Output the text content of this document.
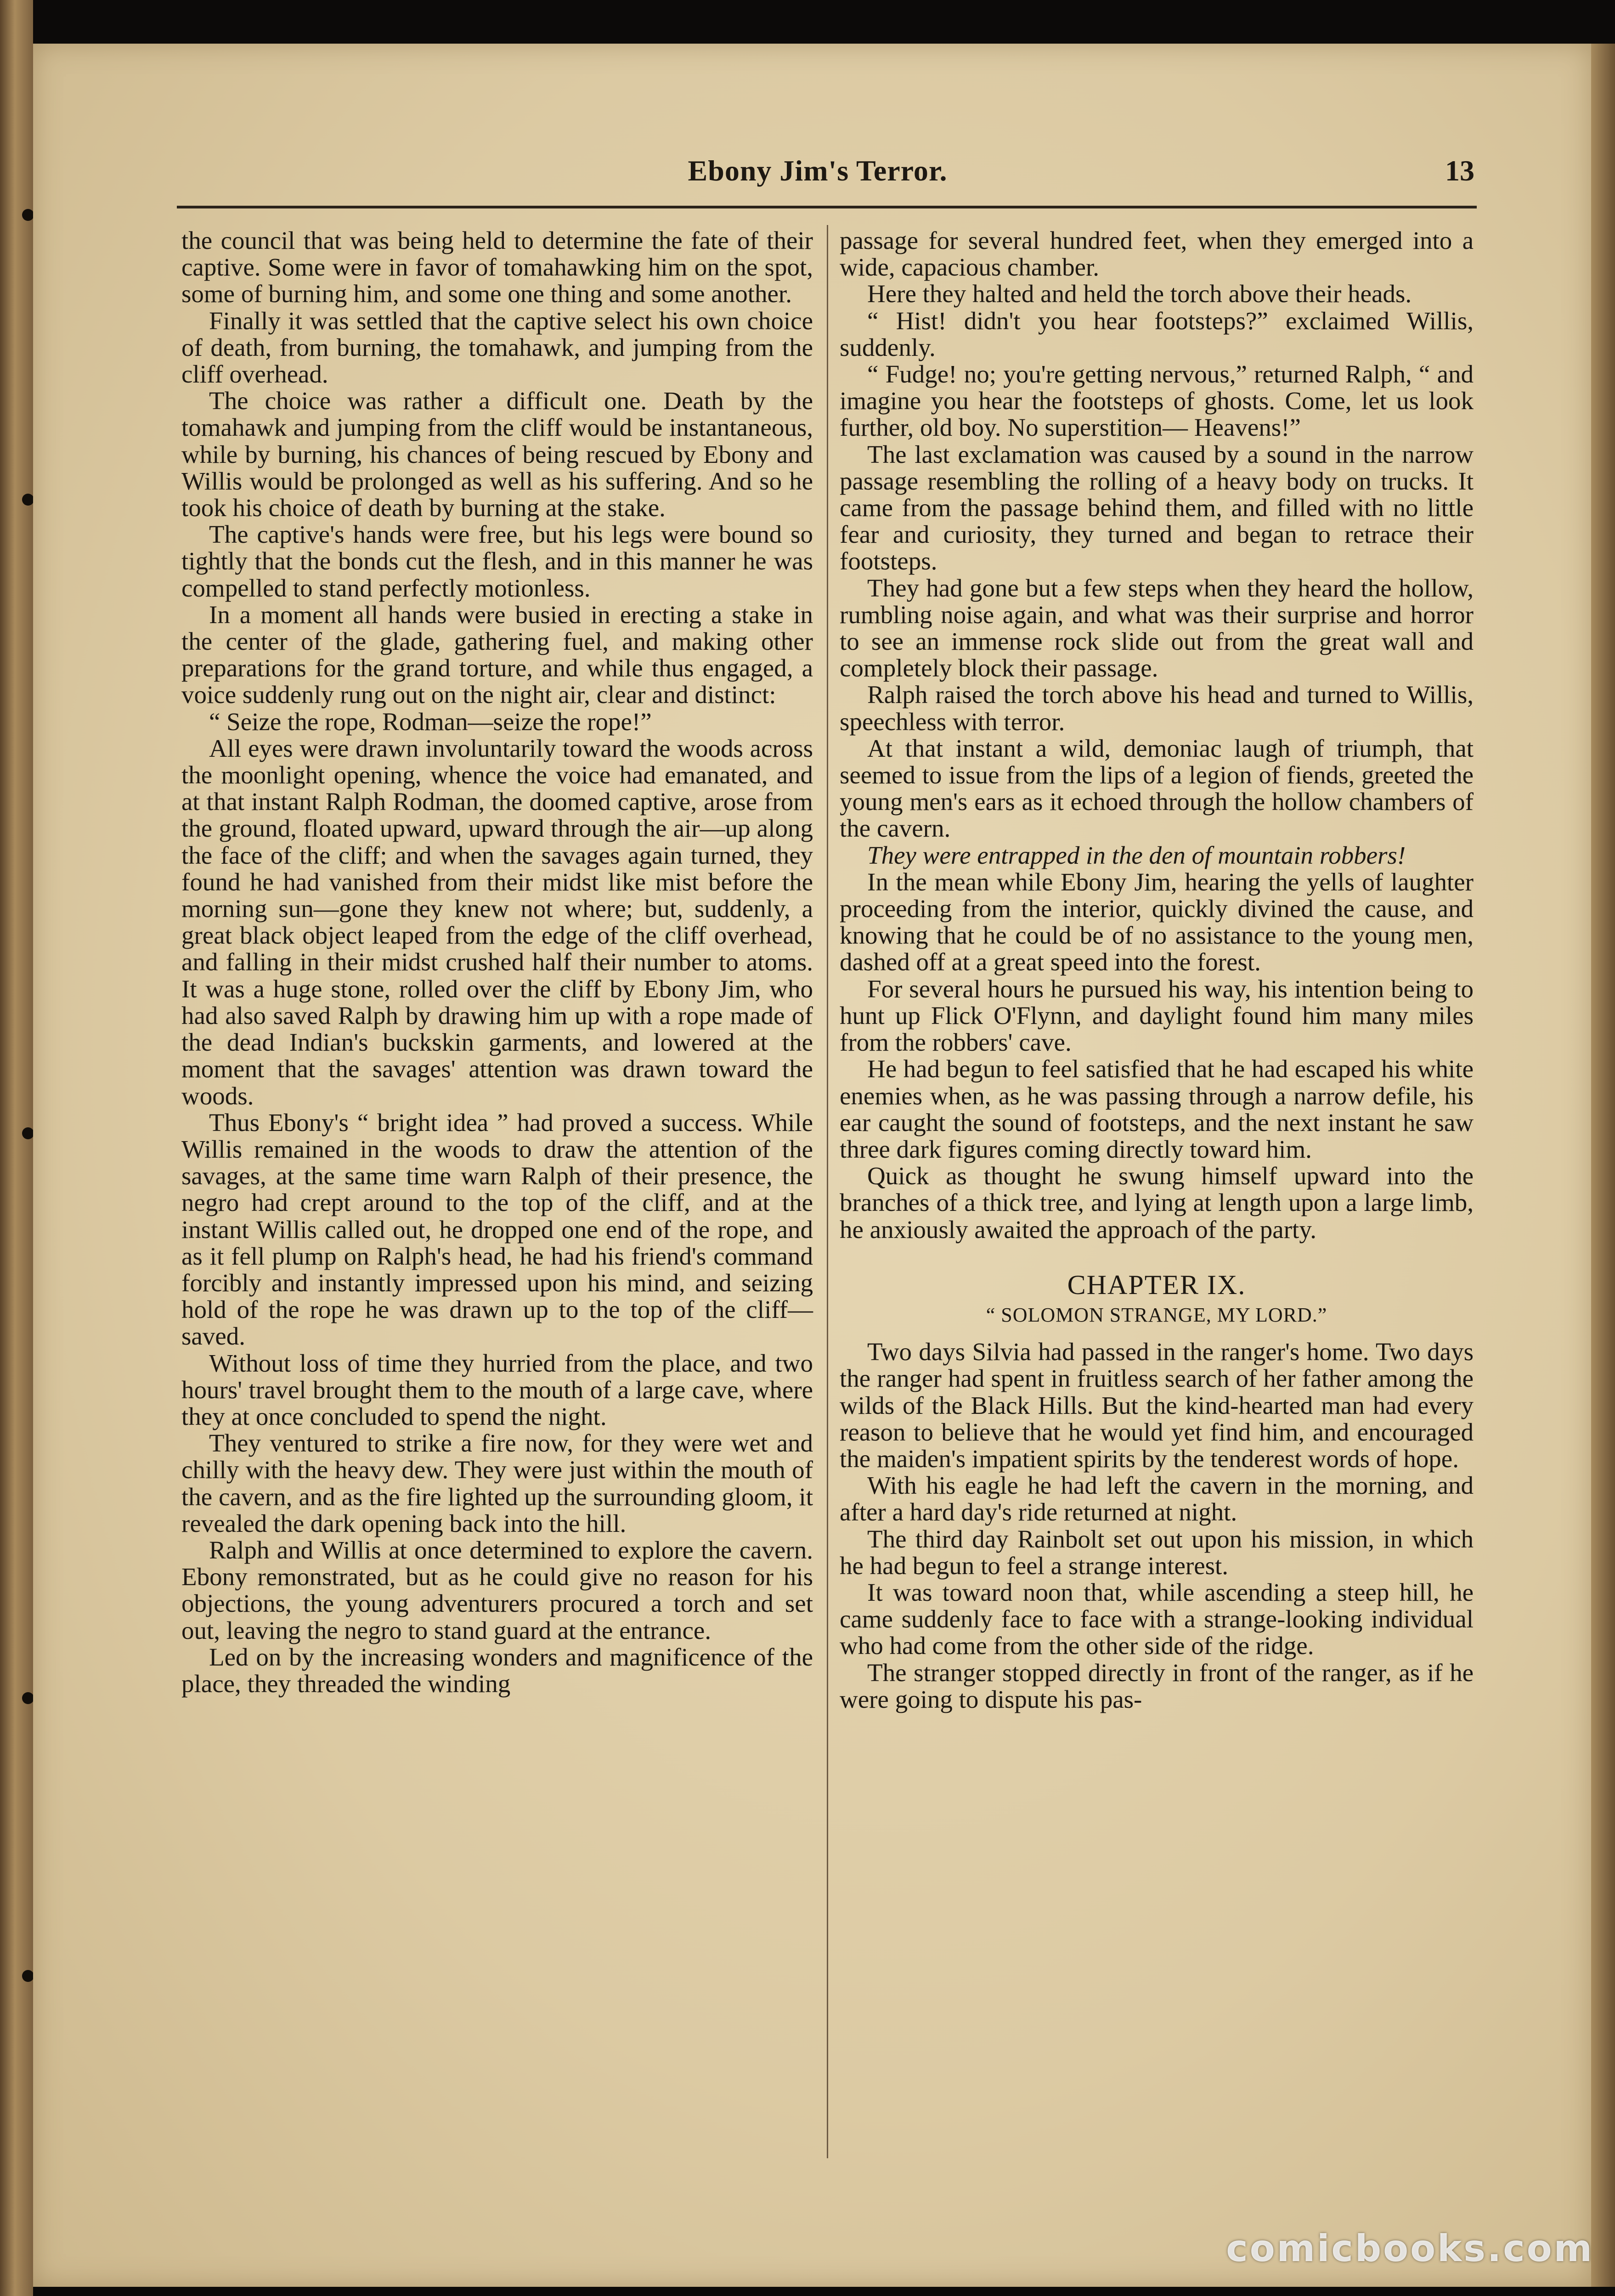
Ebony Jim's Terror.	13

the council that was being held to determine the fate of their captive. Some were in favor of tomahawking him on the spot, some of burning him, and some one thing and some another.

Finally it was settled that the captive select his own choice of death, from burning, the tomahawk, and jumping from the cliff overhead.

The choice was rather a difficult one. Death by the tomahawk and jumping from the cliff would be instantaneous, while by burning, his chances of being rescued by Ebony and Willis would be prolonged as well as his suffering. And so he took his choice of death by burning at the stake.

The captive's hands were free, but his legs were bound so tightly that the bonds cut the flesh, and in this manner he was compelled to stand perfectly motionless.

In a moment all hands were busied in erecting a stake in the center of the glade, gathering fuel, and making other preparations for the grand torture, and while thus engaged, a voice suddenly rung out on the night air, clear and distinct:

“ Seize the rope, Rodman—seize the rope!”

All eyes were drawn involuntarily toward the woods across the moonlight opening, whence the voice had emanated, and at that instant Ralph Rodman, the doomed captive, arose from the ground, floated upward, upward through the air—up along the face of the cliff; and when the savages again turned, they found he had vanished from their midst like mist before the morning sun—gone they knew not where; but, suddenly, a great black object leaped from the edge of the cliff overhead, and falling in their midst crushed half their number to atoms. It was a huge stone, rolled over the cliff by Ebony Jim, who had also saved Ralph by drawing him up with a rope made of the dead Indian's buckskin garments, and lowered at the moment that the savages' attention was drawn toward the woods.

Thus Ebony's “ bright idea ” had proved a success. While Willis remained in the woods to draw the attention of the savages, at the same time warn Ralph of their presence, the negro had crept around to the top of the cliff, and at the instant Willis called out, he dropped one end of the rope, and as it fell plump on Ralph's head, he had his friend's command forcibly and instantly impressed upon his mind, and seizing hold of the rope he was drawn up to the top of the cliff—saved.

Without loss of time they hurried from the place, and two hours' travel brought them to the mouth of a large cave, where they at once concluded to spend the night.

They ventured to strike a fire now, for they were wet and chilly with the heavy dew. They were just within the mouth of the cavern, and as the fire lighted up the surrounding gloom, it revealed the dark opening back into the hill.

Ralph and Willis at once determined to explore the cavern. Ebony remonstrated, but as he could give no reason for his objections, the young adventurers procured a torch and set out, leaving the negro to stand guard at the entrance.

Led on by the increasing wonders and magnificence of the place, they threaded the winding

passage for several hundred feet, when they emerged into a wide, capacious chamber.

Here they halted and held the torch above their heads.

“ Hist! didn't you hear footsteps?” exclaimed Willis, suddenly.

“ Fudge! no; you're getting nervous,” returned Ralph, “ and imagine you hear the footsteps of ghosts. Come, let us look further, old boy. No superstition— Heavens!”

The last exclamation was caused by a sound in the narrow passage resembling the rolling of a heavy body on trucks. It came from the passage behind them, and filled with no little fear and curiosity, they turned and began to retrace their footsteps.

They had gone but a few steps when they heard the hollow, rumbling noise again, and what was their surprise and horror to see an immense rock slide out from the great wall and completely block their passage.

Ralph raised the torch above his head and turned to Willis, speechless with terror.

At that instant a wild, demoniac laugh of triumph, that seemed to issue from the lips of a legion of fiends, greeted the young men's ears as it echoed through the hollow chambers of the cavern.

They were entrapped in the den of mountain robbers!

In the mean while Ebony Jim, hearing the yells of laughter proceeding from the interior, quickly divined the cause, and knowing that he could be of no assistance to the young men, dashed off at a great speed into the forest.

For several hours he pursued his way, his intention being to hunt up Flick O'Flynn, and daylight found him many miles from the robbers' cave.

He had begun to feel satisfied that he had escaped his white enemies when, as he was passing through a narrow defile, his ear caught the sound of footsteps, and the next instant he saw three dark figures coming directly toward him.

Quick as thought he swung himself upward into the branches of a thick tree, and lying at length upon a large limb, he anxiously awaited the approach of the party.

CHAPTER IX.
“ SOLOMON STRANGE, MY LORD.”

Two days Silvia had passed in the ranger's home. Two days the ranger had spent in fruitless search of her father among the wilds of the Black Hills. But the kind-hearted man had every reason to believe that he would yet find him, and encouraged the maiden's impatient spirits by the tenderest words of hope.

With his eagle he had left the cavern in the morning, and after a hard day's ride returned at night.

The third day Rainbolt set out upon his mission, in which he had begun to feel a strange interest.

It was toward noon that, while ascending a steep hill, he came suddenly face to face with a strange-looking individual who had come from the other side of the ridge.

The stranger stopped directly in front of the ranger, as if he were going to dispute his pas-

comicbooks.com
